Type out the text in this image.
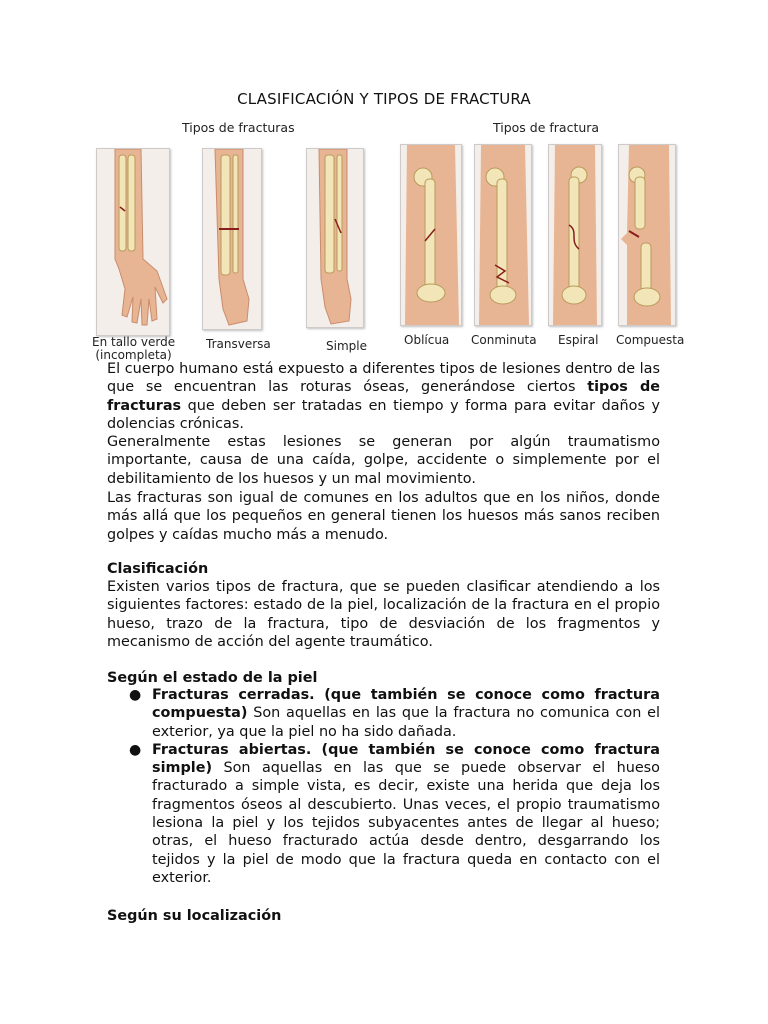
CLASIFICACIÓN Y TIPOS DE FRACTURA
Tipos de fracturas	Tipos de fractura
En tallo verde
(incompleta)
Transversa	Simple	Oblícua Conminuta Espiral Compuesta
El cuerpo humano está expuesto a diferentes tipos de lesiones dentro de las que se encuentran las roturas óseas, generándose ciertos tipos de fracturas que deben ser tratadas en tiempo y forma para evitar daños y dolencias crónicas.
Generalmente estas lesiones se generan por algún traumatismo importante, causa de una caída, golpe, accidente o simplemente por el debilitamiento de los huesos y un mal movimiento.
Las fracturas son igual de comunes en los adultos que en los niños, donde más allá que los pequeños en general tienen los huesos más sanos reciben golpes y caídas mucho más a menudo.
Clasificación
Existen varios tipos de fractura, que se pueden clasificar atendiendo a los siguientes factores: estado de la piel, localización de la fractura en el propio hueso, trazo de la fractura, tipo de desviación de los fragmentos y mecanismo de acción del agente traumático.
Según el estado de la piel
● Fracturas cerradas. (que también se conoce como fractura compuesta) Son aquellas en las que la fractura no comunica con el exterior, ya que la piel no ha sido dañada.
● Fracturas abiertas. (que también se conoce como fractura simple) Son aquellas en las que se puede observar el hueso fracturado a simple vista, es decir, existe una herida que deja los fragmentos óseos al descubierto. Unas veces, el propio traumatismo lesiona la piel y los tejidos subyacentes antes de llegar al hueso; otras, el hueso fracturado actúa desde dentro, desgarrando los tejidos y la piel de modo que la fractura queda en contacto con el exterior.
Según su localización
